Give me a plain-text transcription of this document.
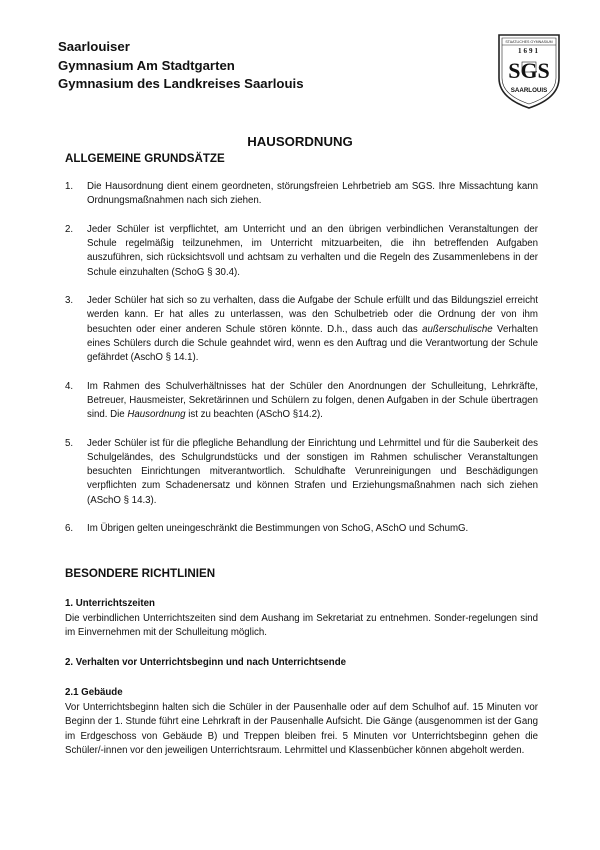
Saarlouiser
Gymnasium Am Stadtgarten
Gymnasium des Landkreises Saarlouis
STAATLICHES GYMNASIUM
1691
SGS
SAARLOUIS
HAUSORDNUNG
ALLGEMEINE GRUNDSÄTZE
1. Die Hausordnung dient einem geordneten, störungsfreien Lehrbetrieb am SGS. Ihre Missachtung kann Ordnungsmaßnahmen nach sich ziehen.
2. Jeder Schüler ist verpflichtet, am Unterricht und an den übrigen verbindlichen Veranstaltungen der Schule regelmäßig teilzunehmen, im Unterricht mitzuarbeiten, die ihn betreffenden Aufgaben auszuführen, sich rücksichtsvoll und achtsam zu verhalten und die Regeln des Zusammenlebens in der Schule einzuhalten (SchoG § 30.4).
3. Jeder Schüler hat sich so zu verhalten, dass die Aufgabe der Schule erfüllt und das Bildungsziel erreicht werden kann. Er hat alles zu unterlassen, was den Schulbetrieb oder die Ordnung der von ihm besuchten oder einer anderen Schule stören könnte. D.h., dass auch das außerschulische Verhalten eines Schülers durch die Schule geahndet wird, wenn es den Auftrag und die Verantwortung der Schule gefährdet (AschO § 14.1).
4. Im Rahmen des Schulverhältnisses hat der Schüler den Anordnungen der Schulleitung, Lehrkräfte, Betreuer, Hausmeister, Sekretärinnen und Schülern zu folgen, denen Aufgaben in der Schule übertragen sind. Die Hausordnung ist zu beachten (ASchO §14.2).
5. Jeder Schüler ist für die pflegliche Behandlung der Einrichtung und Lehrmittel und für die Sauberkeit des Schulgeländes, des Schulgrundstücks und der sonstigen im Rahmen schulischer Veranstaltungen besuchten Einrichtungen mitverantwortlich. Schuldhafte Verunreinigungen und Beschädigungen verpflichten zum Schadenersatz und können Strafen und Erziehungsmaßnahmen nach sich ziehen (ASchO § 14.3).
6. Im Übrigen gelten uneingeschränkt die Bestimmungen von SchoG, ASchO und SchumG.
BESONDERE RICHTLINIEN
1. Unterrichtszeiten

Die verbindlichen Unterrichtszeiten sind dem Aushang im Sekretariat zu entnehmen. Sonder-regelungen sind im Einvernehmen mit der Schulleitung möglich.

2. Verhalten vor Unterrichtsbeginn und nach Unterrichtsende
2.1 Gebäude

Vor Unterrichtsbeginn halten sich die Schüler in der Pausenhalle oder auf dem Schulhof auf. 15 Minuten vor Beginn der 1. Stunde führt eine Lehrkraft in der Pausenhalle Aufsicht. Die Gänge (ausgenommen ist der Gang im Erdgeschoss von Gebäude B) und Treppen bleiben frei. 5 Minuten vor Unterrichtsbeginn gehen die Schüler/-innen vor den jeweiligen Unterrichtsraum. Lehrmittel und Klassenbücher können abgeholt werden.
